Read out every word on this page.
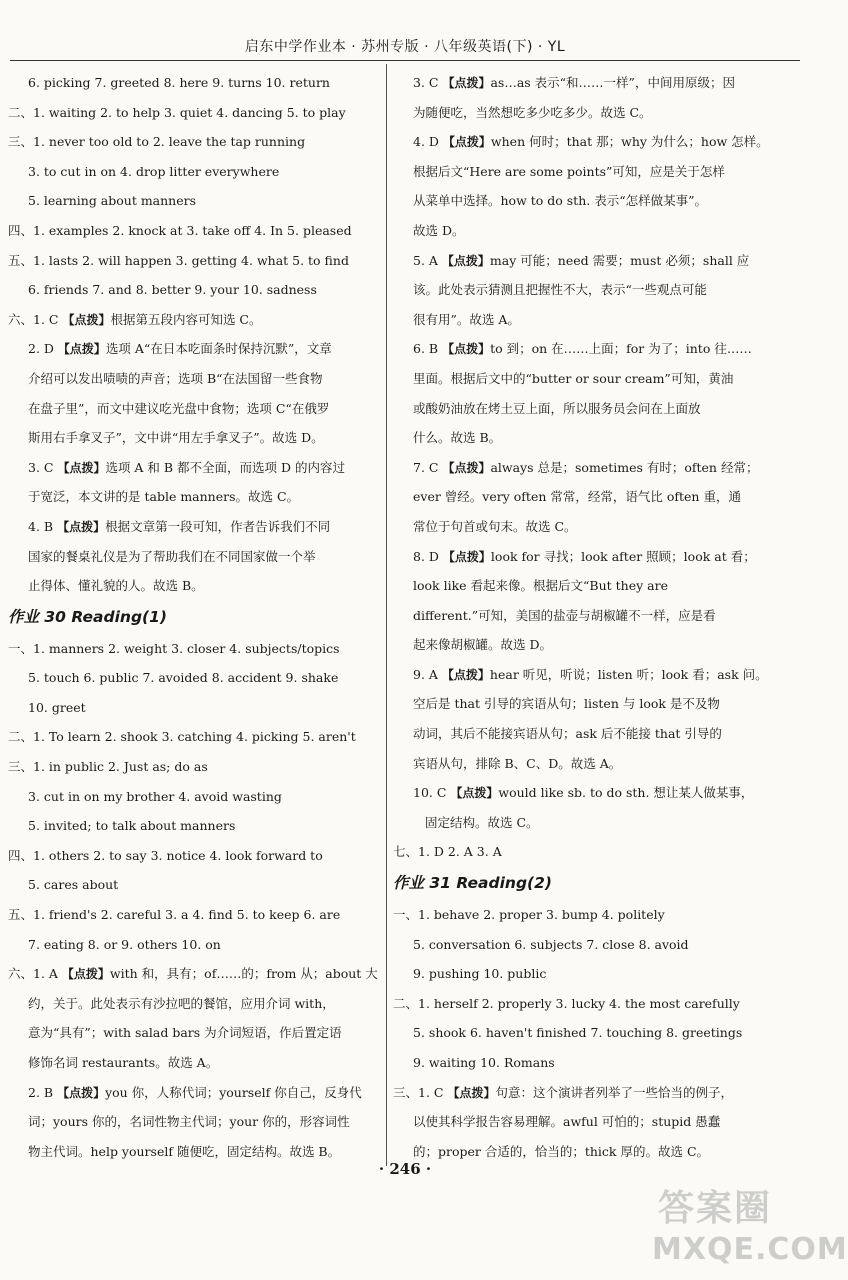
启东中学作业本 · 苏州专版 · 八年级英语(下) · YL
6. picking 7. greeted 8. here 9. turns 10. return
二、1. waiting 2. to help 3. quiet 4. dancing 5. to play
三、1. never too old to 2. leave the tap running
3. to cut in on 4. drop litter everywhere
5. learning about manners
四、1. examples 2. knock at 3. take off 4. In 5. pleased
五、1. lasts 2. will happen 3. getting 4. what 5. to find
6. friends 7. and 8. better 9. your 10. sadness
六、1. C 【点拨】根据第五段内容可知选 C。
2. D 【点拨】选项 A“在日本吃面条时保持沉默”，文章
介绍可以发出啧啧的声音；选项 B“在法国留一些食物
在盘子里”，而文中建议吃光盘中食物；选项 C“在俄罗
斯用右手拿叉子”，文中讲“用左手拿叉子”。故选 D。
3. C 【点拨】选项 A 和 B 都不全面，而选项 D 的内容过
于宽泛，本文讲的是 table manners。故选 C。
4. B 【点拨】根据文章第一段可知，作者告诉我们不同
国家的餐桌礼仪是为了帮助我们在不同国家做一个举
止得体、懂礼貌的人。故选 B。
作业 30 Reading(1)
一、1. manners 2. weight 3. closer 4. subjects/topics
5. touch 6. public 7. avoided 8. accident 9. shake
10. greet
二、1. To learn 2. shook 3. catching 4. picking 5. aren't
三、1. in public 2. Just as; do as
3. cut in on my brother 4. avoid wasting
5. invited; to talk about manners
四、1. others 2. to say 3. notice 4. look forward to
5. cares about
五、1. friend's 2. careful 3. a 4. find 5. to keep 6. are
7. eating 8. or 9. others 10. on
六、1. A 【点拨】with 和，具有；of……的；from 从；about 大
约，关于。此处表示有沙拉吧的餐馆，应用介词 with，
意为“具有”；with salad bars 为介词短语，作后置定语
修饰名词 restaurants。故选 A。
2. B 【点拨】you 你，人称代词；yourself 你自己，反身代
词；yours 你的，名词性物主代词；your 你的，形容词性
物主代词。help yourself 随便吃，固定结构。故选 B。
3. C 【点拨】as…as 表示“和……一样”，中间用原级；因
为随便吃，当然想吃多少吃多少。故选 C。
4. D 【点拨】when 何时；that 那；why 为什么；how 怎样。
根据后文“Here are some points”可知，应是关于怎样
从菜单中选择。how to do sth. 表示“怎样做某事”。
故选 D。
5. A 【点拨】may 可能；need 需要；must 必须；shall 应
该。此处表示猜测且把握性不大，表示“一些观点可能
很有用”。故选 A。
6. B 【点拨】to 到；on 在……上面；for 为了；into 往……
里面。根据后文中的“butter or sour cream”可知，黄油
或酸奶油放在烤土豆上面，所以服务员会问在上面放
什么。故选 B。
7. C 【点拨】always 总是；sometimes 有时；often 经常；
ever 曾经。very often 常常，经常，语气比 often 重，通
常位于句首或句末。故选 C。
8. D 【点拨】look for 寻找；look after 照顾；look at 看；
look like 看起来像。根据后文“But they are
different.”可知，美国的盐壶与胡椒罐不一样，应是看
起来像胡椒罐。故选 D。
9. A 【点拨】hear 听见，听说；listen 听；look 看；ask 问。
空后是 that 引导的宾语从句；listen 与 look 是不及物
动词，其后不能接宾语从句；ask 后不能接 that 引导的
宾语从句，排除 B、C、D。故选 A。
10. C 【点拨】would like sb. to do sth. 想让某人做某事，
固定结构。故选 C。
七、1. D 2. A 3. A
作业 31 Reading(2)
一、1. behave 2. proper 3. bump 4. politely
5. conversation 6. subjects 7. close 8. avoid
9. pushing 10. public
二、1. herself 2. properly 3. lucky 4. the most carefully
5. shook 6. haven't finished 7. touching 8. greetings
9. waiting 10. Romans
三、1. C 【点拨】句意：这个演讲者列举了一些恰当的例子，
以使其科学报告容易理解。awful 可怕的；stupid 愚蠢
的；proper 合适的，恰当的；thick 厚的。故选 C。
· 246 ·
答案圈
MXQE.COM
